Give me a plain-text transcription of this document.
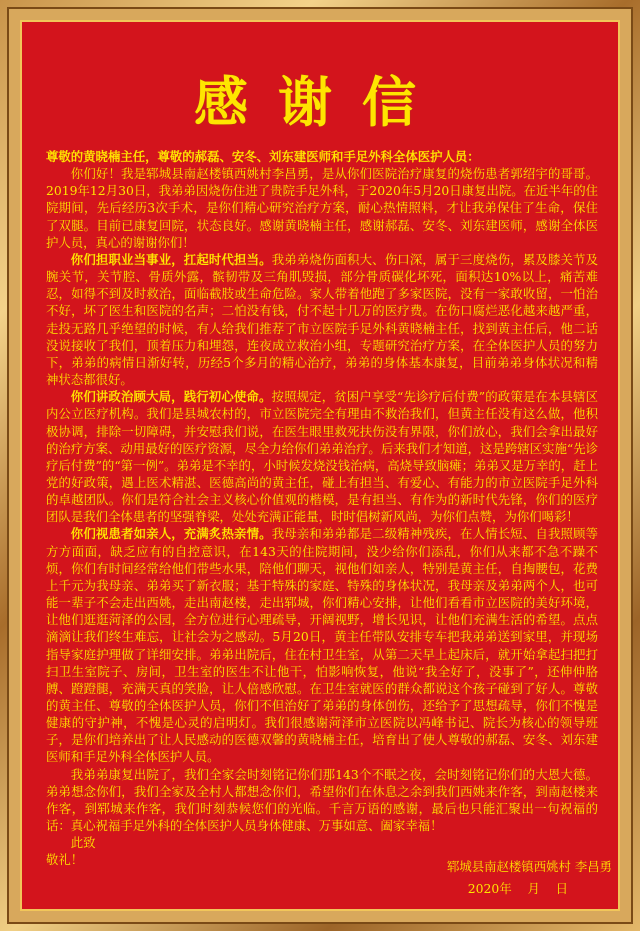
感谢信

尊敬的黄晓楠主任，尊敬的郝磊、安冬、刘东建医师和手足外科全体医护人员：

你们好！我是郓城县南赵楼镇西姚村李昌勇，是从你们医院治疗康复的烧伤患者郭绍宇的哥哥。2019年12月30日，我弟弟因烧伤住进了贵院手足外科，于2020年5月20日康复出院。在近半年的住院期间，先后经历3次手术，是你们精心研究治疗方案，耐心热情照料，才让我弟保住了生命，保住了双腿。目前已康复回院，状态良好。感谢黄晓楠主任，感谢郝磊、安冬、刘东建医师，感谢全体医护人员，真心的谢谢你们！

你们担职业当事业，扛起时代担当。我弟弟烧伤面积大、伤口深，属于三度烧伤，累及膝关节及腕关节，关节腔、骨质外露，髌韧带及三角肌毁损，部分骨质碳化坏死，面积达10%以上，痛苦难忍，如得不到及时救治，面临截肢或生命危险。家人带着他跑了多家医院，没有一家敢收留，一怕治不好，坏了医生和医院的名声；二怕没有钱，付不起十几万的医疗费。在伤口腐烂恶化越来越严重，走投无路几乎绝望的时候，有人给我们推荐了市立医院手足外科黄晓楠主任，找到黄主任后，他二话没说接收了我们，顶着压力和埋怨，连夜成立救治小组，专题研究治疗方案，在全体医护人员的努力下，弟弟的病情日渐好转，历经5个多月的精心治疗，弟弟的身体基本康复，目前弟弟身体状况和精神状态都很好。

你们讲政治顾大局，践行初心使命。按照规定，贫困户享受“先诊疗后付费”的政策是在本县辖区内公立医疗机构。我们是县城农村的，市立医院完全有理由不救治我们，但黄主任没有这么做，他积极协调，排除一切障碍，并安慰我们说，在医生眼里救死扶伤没有界限，你们放心，我们会拿出最好的治疗方案、动用最好的医疗资源，尽全力给你们弟弟治疗。后来我们才知道，这是跨辖区实施“先诊疗后付费”的“第一例”。弟弟是不幸的，小时候发烧没钱治病，高烧导致脑瘫；弟弟又是万幸的，赶上党的好政策，遇上医术精湛、医德高尚的黄主任，碰上有担当、有爱心、有能力的市立医院手足外科的卓越团队。你们是符合社会主义核心价值观的楷模，是有担当、有作为的新时代先锋，你们的医疗团队是我们全体患者的坚强脊梁，处处充满正能量，时时倡树新风尚，为你们点赞，为你们喝彩！

你们视患者如亲人，充满炙热亲情。我母亲和弟弟都是二级精神残疾，在人情长短、自我照顾等方方面面，缺乏应有的自控意识，在143天的住院期间，没少给你们添乱，你们从来都不急不躁不烦，你们有时间经常给他们带些水果，陪他们聊天，视他们如亲人，特别是黄主任，自掏腰包，花费上千元为我母亲、弟弟买了新衣服；基于特殊的家庭、特殊的身体状况，我母亲及弟弟两个人，也可能一辈子不会走出西姚，走出南赵楼，走出郓城，你们精心安排，让他们看看市立医院的美好环境，让他们逛逛菏泽的公园，全方位进行心理疏导，开阔视野，增长见识，让他们充满生活的希望。点点滴滴让我们终生难忘，让社会为之感动。5月20日，黄主任带队安排专车把我弟弟送到家里，并现场指导家庭护理做了详细安排。弟弟出院后，住在村卫生室，从第二天早上起床后，就开始拿起扫把打扫卫生室院子、房间，卫生室的医生不让他干，怕影响恢复，他说“我全好了，没事了”，还伸伸胳膊、蹬蹬腿，充满天真的笑脸，让人倍感欣慰。在卫生室就医的群众都说这个孩子碰到了好人。尊敬的黄主任、尊敬的全体医护人员，你们不但治好了弟弟的身体创伤，还给予了思想疏导，你们不愧是健康的守护神，不愧是心灵的启明灯。我们很感谢菏泽市立医院以冯峰书记、院长为核心的领导班子，是你们培养出了让人民感动的医德双馨的黄晓楠主任，培育出了使人尊敬的郝磊、安冬、刘东建医师和手足外科全体医护人员。

我弟弟康复出院了，我们全家会时刻铭记你们那143个不眠之夜，会时刻铭记你们的大恩大德。弟弟想念你们，我们全家及全村人都想念你们，希望你们在休息之余到我们西姚来作客，到南赵楼来作客，到郓城来作客，我们时刻恭候您们的光临。千言万语的感谢，最后也只能汇聚出一句祝福的话：真心祝福手足外科的全体医护人员身体健康、万事如意、阖家幸福！

此致

敬礼！	郓城县南赵楼镇西姚村 李昌勇
2020年    月    日
